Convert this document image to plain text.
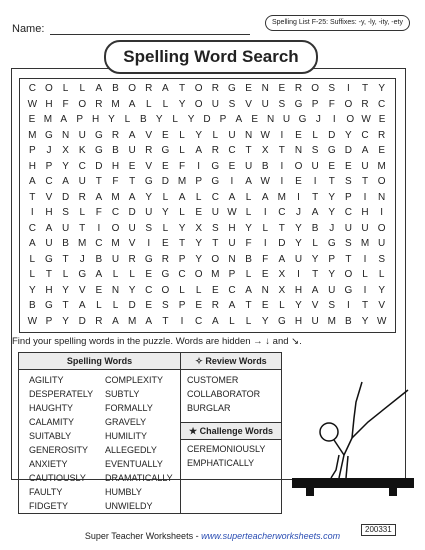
Name:
Spelling List F-25: Suffixes: -y, -ly, -ity, -ety
Spelling Word Search
C O L	L	A B O R A	T O R G E N E R O S	I	T	Y
W H F O R M A	L	L	Y O U S V U S G P	F O R C
E M A P H Y L B Y L Y D P A E N U G J	I	O W E
M G N U G R A V E	L	Y	L	U N W	I	E	L	D Y C R
P	J	X K G B U R G L	A R C T	X	T N S G D A E
H P Y C D H E V E	F	I	G E U B	I	O U E E U M
A C A U T	F	T G D M P G	I	A W	I	E	I	T	S	T O
T	V D R A M A Y	L	A	L	C A	L	A M	I	T	Y P	I	N
I	H S	L	F C D U Y	L	E U W L	I	C	J	A Y C H	I
C A U T	I	O U S	L	Y X S H Y	L	T	Y B	J	U U O
A U B M C M V	I	E	T	Y	T U F	I	D Y	L G S M U
L G T	J	B U R G R P Y O N B	F	A U Y P	T	I	S
L	T	L G A	L	L	E G C O M P	L	E X	I	T	Y O L	L
Y H Y V E N Y C O L	L	E C A N X H A U G	I	Y
B G T	A	L	L	D E S P E R A	T	E	L	Y V S	I	T	V
W P Y D R A M A	T	I	C A	L	L	Y G H U M B Y W
Find your spelling words in the puzzle. Words are hidden → ↓ and ↘.
Spelling Words	✧ Review Words
★ Challenge Words
AGILITY
DESPERATELY
HAUGHTY
CALAMITY
SUITABLY
GENEROSITY
ANXIETY
CAUTIOUSLY
FAULTY
FIDGETY
COMPLEXITY
SUBTLY
FORMALLY
GRAVELY
HUMILITY
ALLEGEDLY
EVENTUALLY
DRAMATICALLY
HUMBLY
UNWIELDY
CUSTOMER
COLLABORATOR
BURGLAR
CEREMONIOUSLY
EMPHATICALLY
Super Teacher Worksheets - www.superteacherworksheets.com
200331
